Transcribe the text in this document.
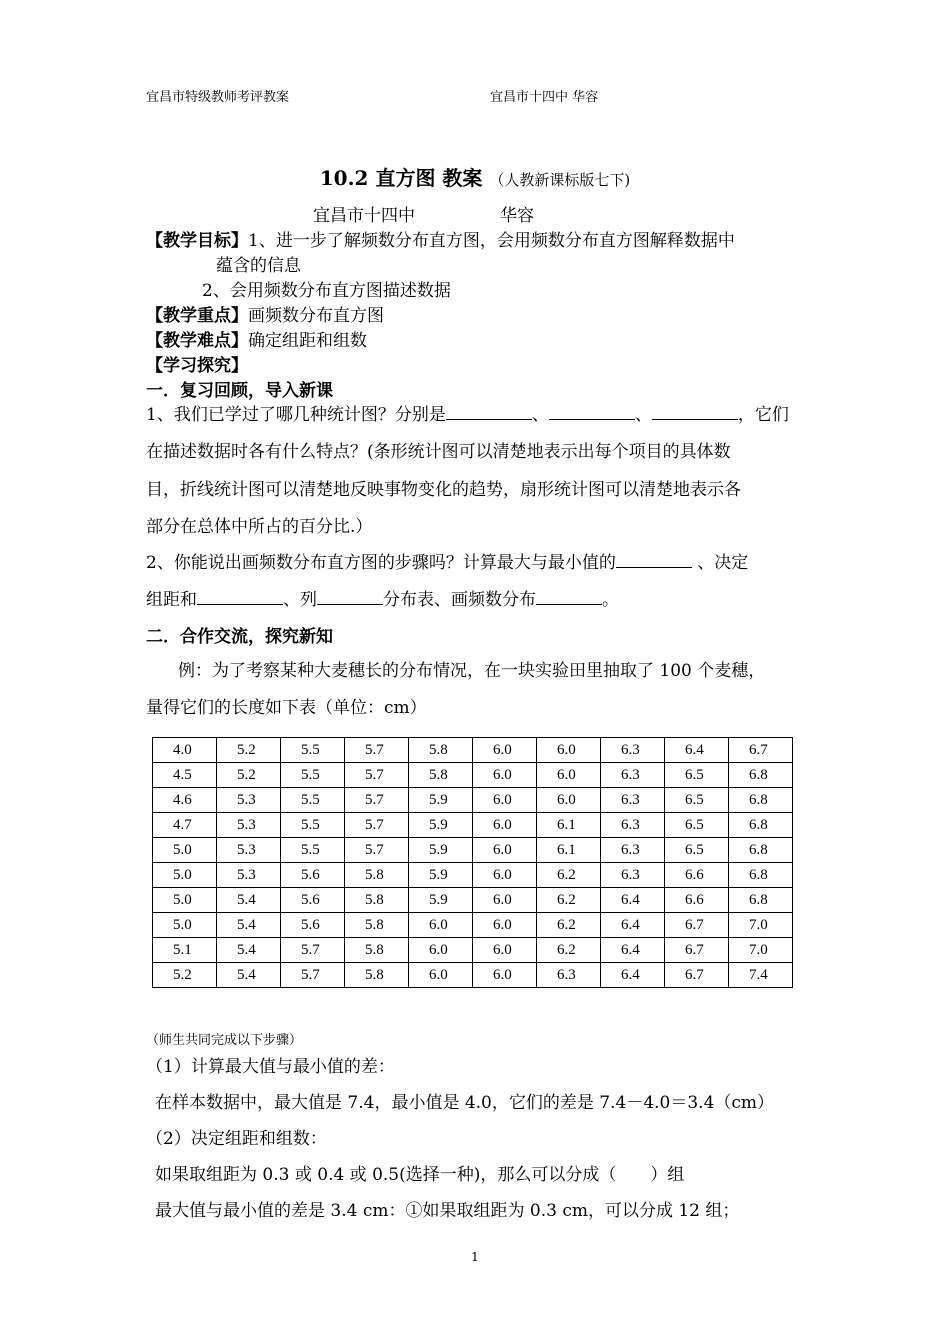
宜昌市特级教师考评教案	宜昌市十四中 华容
10.2 直方图 教案 （人教新课标版七下)
宜昌市十四中	华容
【教学目标】1、进一步了解频数分布直方图，会用频数分布直方图解释数据中
蕴含的信息
2、会用频数分布直方图描述数据
【教学重点】画频数分布直方图
【教学难点】确定组距和组数
【学习探究】
一．复习回顾，导入新课
1、我们已学过了哪几种统计图？分别是	、	、	，它们
在描述数据时各有什么特点？(条形统计图可以清楚地表示出每个项目的具体数
目，折线统计图可以清楚地反映事物变化的趋势，扇形统计图可以清楚地表示各
部分在总体中所占的百分比.）
2、你能说出画频数分布直方图的步骤吗？计算最大与最小值的	、决定
组距和	、列	分布表、画频数分布	。
二．合作交流，探究新知
例：为了考察某种大麦穗长的分布情况，在一块实验田里抽取了 100 个麦穗，
量得它们的长度如下表（单位：cm）
4.0	5.2	5.5	5.7	5.8	6.0	6.0	6.3	6.4	6.7
4.5	5.2	5.5	5.7	5.8	6.0	6.0	6.3	6.5	6.8
4.6	5.3	5.5	5.7	5.9	6.0	6.0	6.3	6.5	6.8
4.7	5.3	5.5	5.7	5.9	6.0	6.1	6.3	6.5	6.8
5.0	5.3	5.5	5.7	5.9	6.0	6.1	6.3	6.5	6.8
5.0	5.3	5.6	5.8	5.9	6.0	6.2	6.3	6.6	6.8
5.0	5.4	5.6	5.8	5.9	6.0	6.2	6.4	6.6	6.8
5.0	5.4	5.6	5.8	6.0	6.0	6.2	6.4	6.7	7.0
5.1	5.4	5.7	5.8	6.0	6.0	6.2	6.4	6.7	7.0
5.2	5.4	5.7	5.8	6.0	6.0	6.3	6.4	6.7	7.4
（师生共同完成以下步骤）
（1）计算最大值与最小值的差：
在样本数据中，最大值是 7.4，最小值是 4.0，它们的差是 7.4－4.0＝3.4（cm）
（2）决定组距和组数：
如果取组距为 0.3 或 0.4 或 0.5(选择一种)，那么可以分成（　　）组
最大值与最小值的差是 3.4 cm：①如果取组距为 0.3 cm，可以分成 12 组；
1
